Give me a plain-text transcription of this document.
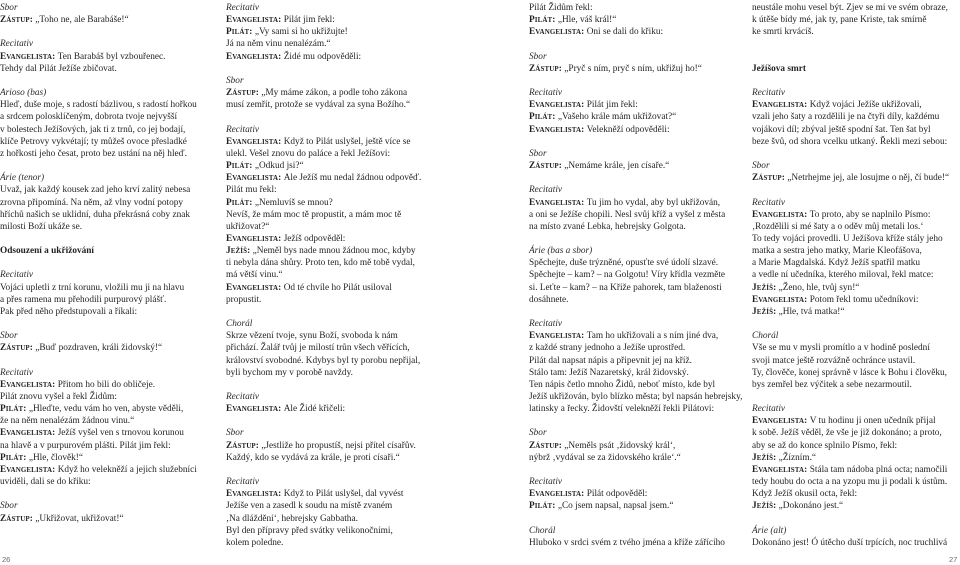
Sbor
Zástup: „Toho ne, ale Barabáše!“
Recitativ
Evangelista: Ten Barabáš byl vzbouřenec.
Tehdy dal Pilát Ježíše zbičovat.
Arioso (bas)
Hleď, duše moje, s radostí bázlivou, s radostí hořkou
a srdcem polosklíčeným, dobrota tvoje nejvyšší
v bolestech Ježíšových, jak ti z trnů, co jej bodají,
klíče Petrovy vykvétají; ty můžeš ovoce přesladké
z hořkosti jeho česat, proto bez ustání na něj hleď.
Árie (tenor)
Uvaž, jak každý kousek zad jeho krví zalitý nebesa
zrovna připomíná. Na něm, až vlny vodní potopy
hříchů našich se uklidní, duha překrásná coby znak
milosti Boží ukáže se.
Odsouzení a ukřižování
Recitativ
Vojáci upletli z trní korunu, vložili mu ji na hlavu
a přes ramena mu přehodili purpurový plášť.
Pak před něho předstupovali a říkali:
Sbor
Zástup: „Buď pozdraven, králi židovský!“
Recitativ
Evangelista: Přitom ho bili do obličeje.
Pilát znovu vyšel a řekl Židům:
Pilát: „Hleďte, vedu vám ho ven, abyste věděli,
že na něm nenalézám žádnou vinu.“
Evangelista: Ježíš vyšel ven s trnovou korunou
na hlavě a v purpurovém plášti. Pilát jim řekl:
Pilát: „Hle, člověk!“
Evangelista: Když ho velekněží a jejich služebníci
uviděli, dali se do křiku:
Sbor
Zástup: „Ukřižovat, ukřižovat!“
Recitativ
Evangelista: Pilát jim řekl:
Pilát: „Vy sami si ho ukřižujte!
Já na něm vinu nenalézám.“
Evangelista: Židé mu odpověděli:
Sbor
Zástup: „My máme zákon, a podle toho zákona
musí zemřít, protože se vydával za syna Božího.“
Recitativ
Evangelista: Když to Pilát uslyšel, ještě více se
ulekl. Vešel znovu do paláce a řekl Ježíšovi:
Pilát: „Odkud jsi?“
Evangelista: Ale Ježíš mu nedal žádnou odpověď.
Pilát mu řekl:
Pilát: „Nemluvíš se mnou?
Nevíš, že mám moc tě propustit, a mám moc tě
ukřižovat?“
Evangelista: Ježíš odpověděl:
Ježíš: „Neměl bys nade mnou žádnou moc, kdyby
ti nebyla dána shůry. Proto ten, kdo mě tobě vydal,
má větší vinu.“
Evangelista: Od té chvíle ho Pilát usiloval
propustit.
Chorál
Skrze vězení tvoje, synu Boží, svoboda k nám
přichází. Žalář tvůj je milostí trůn všech věřících,
království svobodné. Kdybys byl ty porobu nepřijal,
byli bychom my v porobě navždy.
Recitativ
Evangelista: Ale Židé křičeli:
Sbor
Zástup: „Jestliže ho propustíš, nejsi přítel císařův.
Každý, kdo se vydává za krále, je proti císaři.“
Recitativ
Evangelista: Když to Pilát uslyšel, dal vyvést
Ježíše ven a zasedl k soudu na místě zvaném
‚Na dláždění‘, hebrejsky Gabbatha.
Byl den přípravy před svátky velikonočními,
kolem poledne.
26
Pilát Židům řekl:
Pilát: „Hle, váš král!“
Evangelista: Oni se dali do křiku:
Sbor
Zástup: „Pryč s ním, pryč s ním, ukřižuj ho!“
Recitativ
Evangelista: Pilát jim řekl:
Pilát: „Vašeho krále mám ukřižovat?“
Evangelista: Velekněží odpověděli:
Sbor
Zástup: „Nemáme krále, jen císaře.“
Recitativ
Evangelista: Tu jim ho vydal, aby byl ukřižován,
a oni se Ježíše chopili. Nesl svůj kříž a vyšel z města
na místo zvané Lebka, hebrejsky Golgota.
Árie (bas a sbor)
Spěchejte, duše trýzněné, opusťte své údolí slzavé.
Spěchejte – kam? – na Golgotu! Víry křídla vezměte
si. Leťte – kam? – na Kříže pahorek, tam blaženosti
dosáhnete.
Recitativ
Evangelista: Tam ho ukřižovali a s ním jiné dva,
z každé strany jednoho a Ježíše uprostřed.
Pilát dal napsat nápis a připevnit jej na kříž.
Stálo tam: Ježíš Nazaretský, král židovský.
Ten nápis četlo mnoho Židů, neboť místo, kde byl
Ježíš ukřižován, bylo blízko města; byl napsán hebrejsky,
latinsky a řecky. Židovští velekněží řekli Pilátovi:
Sbor
Zástup: „Neměls psát ‚židovský král‘,
nýbrž ‚vydával se za židovského krále‘.“
Recitativ
Evangelista: Pilát odpověděl:
Pilát: „Co jsem napsal, napsal jsem.“
Chorál
Hluboko v srdci svém z tvého jména a kříže zářícího
neustále mohu vesel být. Zjev se mi ve svém obraze,
k útěše bídy mé, jak ty, pane Kriste, tak smírně
ke smrti krvácíš.
Ježíšova smrt
Recitativ
Evangelista: Když vojáci Ježíše ukřižovali,
vzali jeho šaty a rozdělili je na čtyři díly, každému
vojákovi díl; zbýval ještě spodní šat. Ten šat byl
beze švů, od shora vcelku utkaný. Řekli mezi sebou:
Sbor
Zástup: „Netrhejme jej, ale losujme o něj, čí bude!“
Recitativ
Evangelista: To proto, aby se naplnilo Písmo:
‚Rozdělili si mé šaty a o oděv můj metali los.‘
To tedy vojáci provedli. U Ježíšova kříže stály jeho
matka a sestra jeho matky, Marie Kleofášova,
a Marie Magdalská. Když Ježíš spatřil matku
a vedle ní učedníka, kterého miloval, řekl matce:
Ježíš: „Ženo, hle, tvůj syn!“
Evangelista: Potom řekl tomu učedníkovi:
Ježíš: „Hle, tvá matka!“
Chorál
Vše se mu v mysli promítlo a v hodině poslední
svoji matce ještě rozvážně ochránce ustavil.
Ty, člověče, konej správně v lásce k Bohu i člověku,
bys zemřel bez výčitek a sebe nezarmoutil.
Recitativ
Evangelista: V tu hodinu ji onen učedník přijal
k sobě. Ježíš věděl, že vše je již dokonáno; a proto,
aby se až do konce splnilo Písmo, řekl:
Ježíš: „Žízním.“
Evangelista: Stála tam nádoba plná octa; namočili
tedy houbu do octa a na yzopu mu ji podali k ústům.
Když Ježíš okusil octa, řekl:
Ježíš: „Dokonáno jest.“
Árie (alt)
Dokonáno jest! Ó útěcho duší trpících, noc truchlivá
27
